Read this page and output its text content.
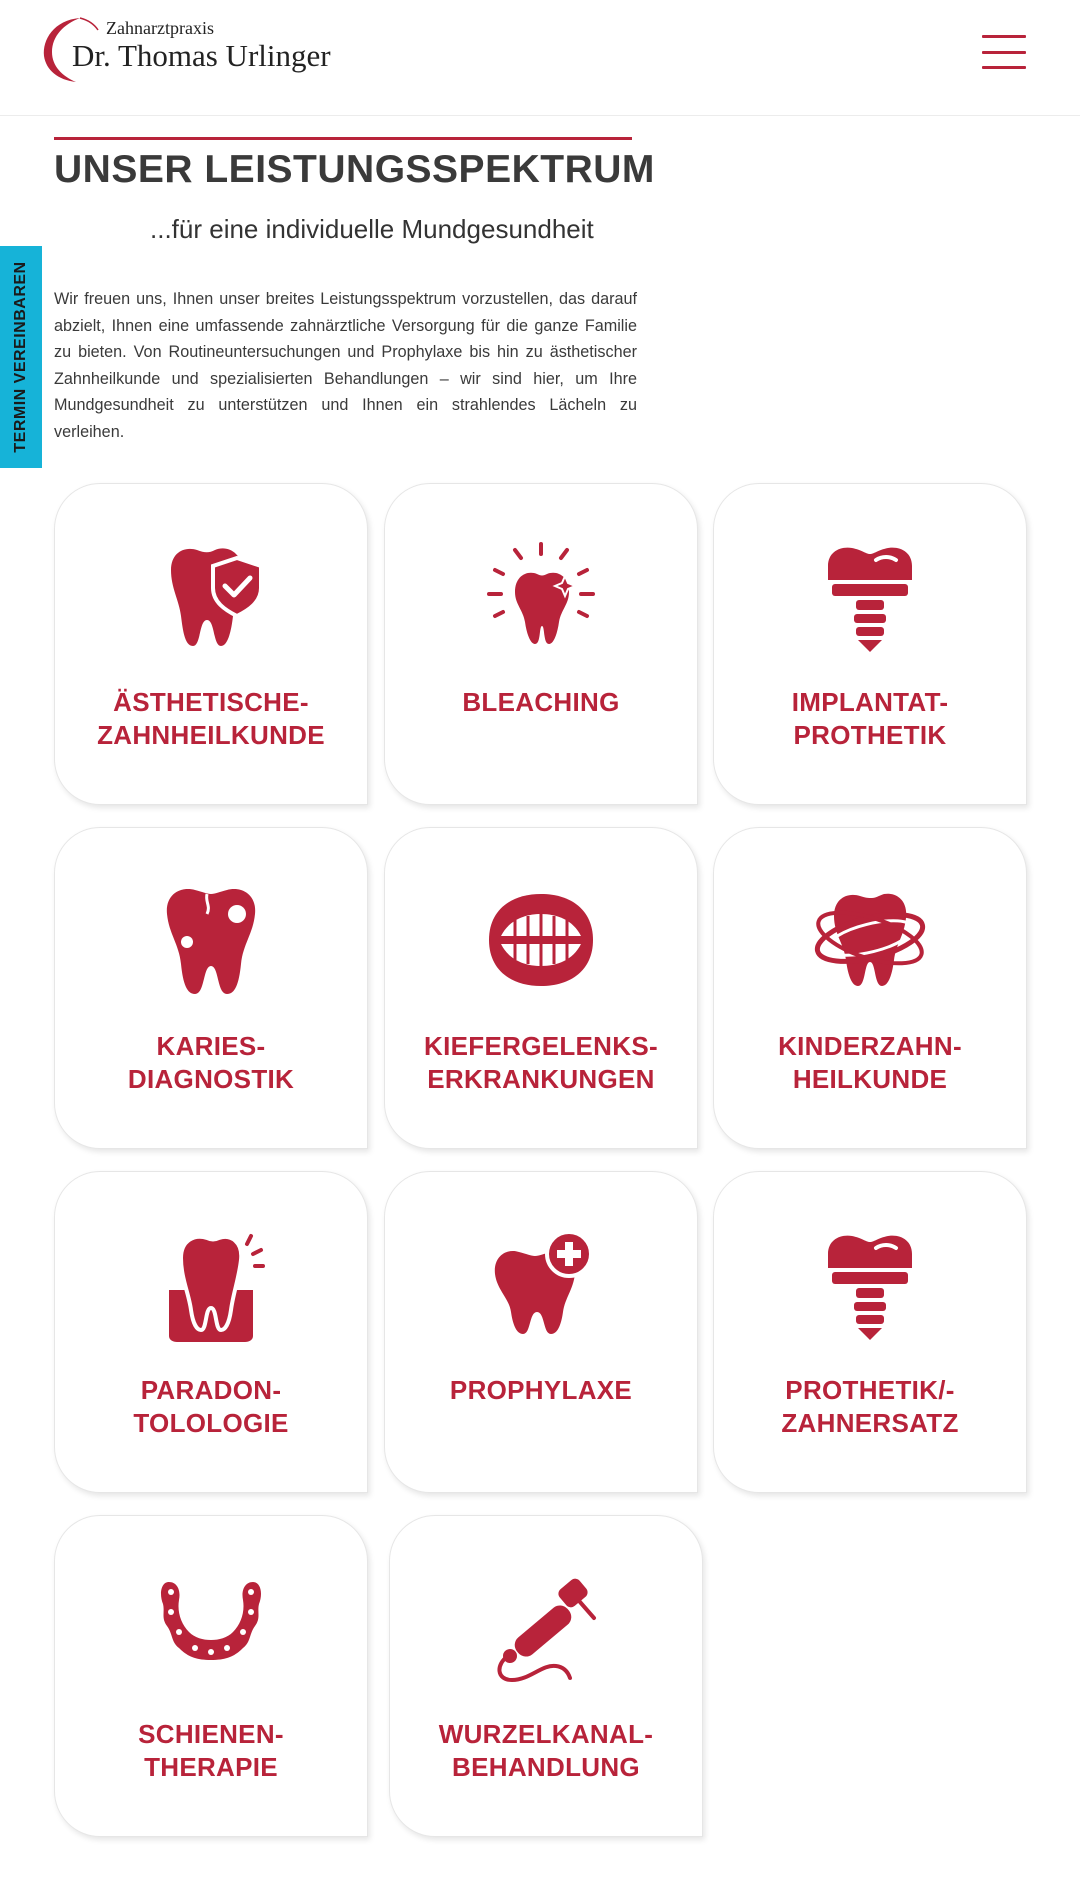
Zahnarztpraxis
Dr. Thomas Urlinger
TERMIN VEREINBAREN
UNSER LEISTUNGSSPEKTRUM
...für eine individuelle Mundgesundheit

Wir freuen uns, Ihnen unser breites Leistungsspektrum vorzustellen, das darauf abzielt, Ihnen eine umfassende zahnärztliche Versorgung für die ganze Familie zu bieten. Von Routineuntersuchungen und Prophylaxe bis hin zu ästhetischer Zahnheilkunde und spezialisierten Behandlungen – wir sind hier, um Ihre Mundgesundheit zu unterstützen und Ihnen ein strahlendes Lächeln zu verleihen.

ÄSTHETISCHE-
ZAHNHEILKUNDE
BLEACHING	IMPLANTAT-
PROTHETIK
KARIES-
DIAGNOSTIK
KIEFERGELENKS-
ERKRANKUNGEN
KINDERZAHN-
HEILKUNDE
PARADON-
TOLOLOGIE
PROPHYLAXE	PROTHETIK/-
ZAHNERSATZ
SCHIENEN-
THERAPIE
WURZELKANAL-
BEHANDLUNG
